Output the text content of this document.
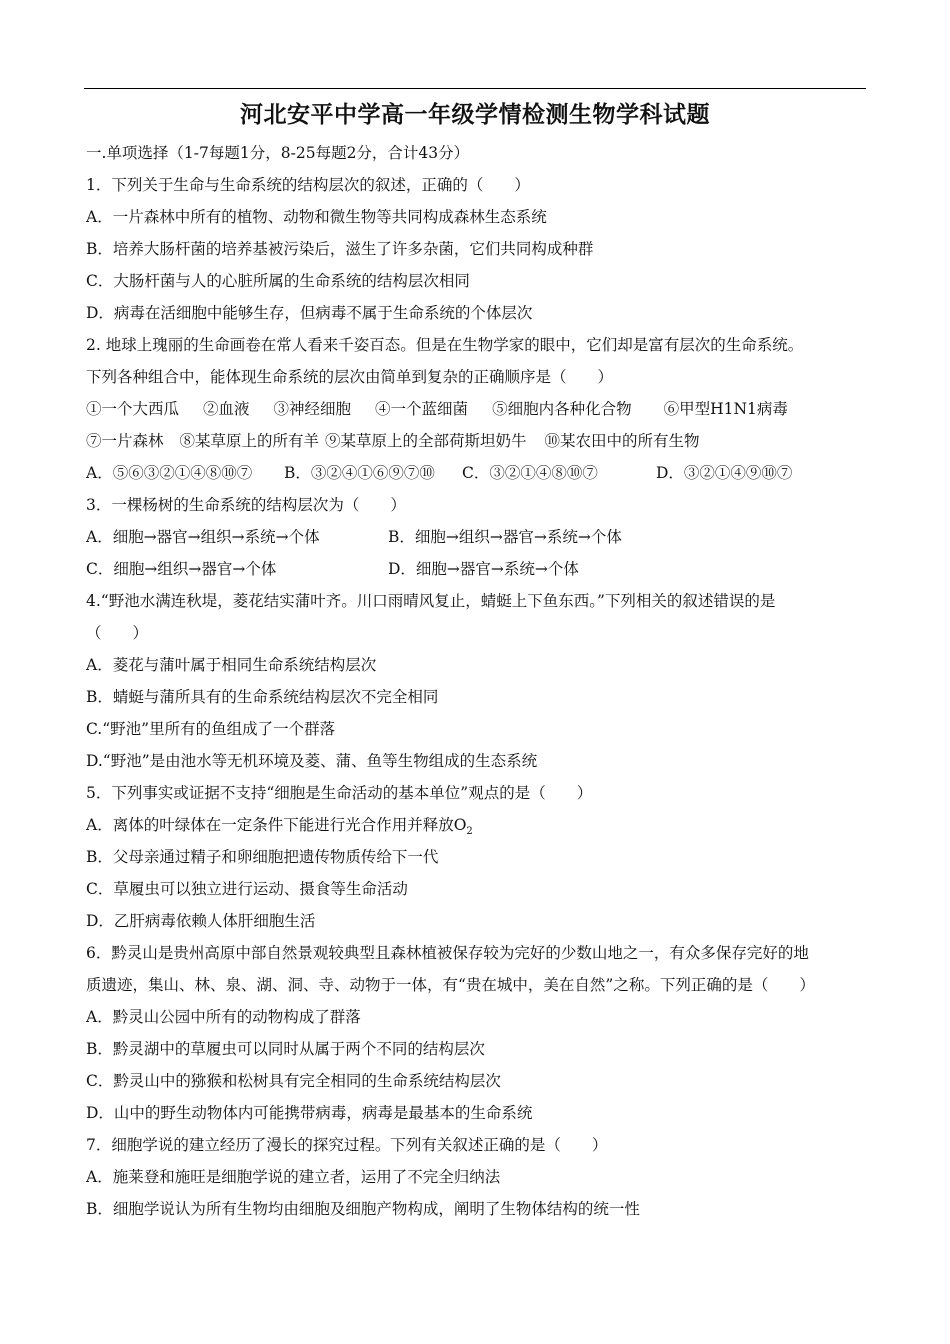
河北安平中学高一年级学情检测生物学科试题
一.单项选择（1-7每题1分，8-25每题2分，合计43分）
1．下列关于生命与生命系统的结构层次的叙述，正确的（　　）
A．一片森林中所有的植物、动物和微生物等共同构成森林生态系统
B．培养大肠杆菌的培养基被污染后，滋生了许多杂菌，它们共同构成种群
C．大肠杆菌与人的心脏所属的生命系统的结构层次相同
D．病毒在活细胞中能够生存，但病毒不属于生命系统的个体层次
2. 地球上瑰丽的生命画卷在常人看来千姿百态。但是在生物学家的眼中，它们却是富有层次的生命系统。
下列各种组合中，能体现生命系统的层次由简单到复杂的正确顺序是（　　）
①一个大西瓜 ②血液 ③神经细胞 ④一个蓝细菌 ⑤细胞内各种化合物 ⑥甲型H1N1病毒
⑦一片森林 ⑧某草原上的所有羊 ⑨某草原上的全部荷斯坦奶牛 ⑩某农田中的所有生物
A．⑤⑥③②①④⑧⑩⑦ B．③②④①⑥⑨⑦⑩ C．③②①④⑧⑩⑦	D．③②①④⑨⑩⑦
3．一棵杨树的生命系统的结构层次为（　　）
A．细胞→器官→组织→系统→个体	B．细胞→组织→器官→系统→个体
C．细胞→组织→器官→个体	D．细胞→器官→系统→个体
4.“野池水满连秋堤，菱花结实蒲叶齐。川口雨晴风复止，蜻蜓上下鱼东西。”下列相关的叙述错误的是
（　　）
A．菱花与蒲叶属于相同生命系统结构层次
B．蜻蜓与蒲所具有的生命系统结构层次不完全相同
C.“野池”里所有的鱼组成了一个群落
D.“野池”是由池水等无机环境及菱、蒲、鱼等生物组成的生态系统
5．下列事实或证据不支持“细胞是生命活动的基本单位”观点的是（　　）
A．离体的叶绿体在一定条件下能进行光合作用并释放$O_2$
B．父母亲通过精子和卵细胞把遗传物质传给下一代
C．草履虫可以独立进行运动、摄食等生命活动
D．乙肝病毒依赖人体肝细胞生活
6．黔灵山是贵州高原中部自然景观较典型且森林植被保存较为完好的少数山地之一，有众多保存完好的地
质遗迹，集山、林、泉、湖、洞、寺、动物于一体，有“贵在城中，美在自然”之称。下列正确的是（　　）
A．黔灵山公园中所有的动物构成了群落
B．黔灵湖中的草履虫可以同时从属于两个不同的结构层次
C．黔灵山中的猕猴和松树具有完全相同的生命系统结构层次
D．山中的野生动物体内可能携带病毒，病毒是最基本的生命系统
7．细胞学说的建立经历了漫长的探究过程。下列有关叙述正确的是（　　）
A．施莱登和施旺是细胞学说的建立者，运用了不完全归纳法
B．细胞学说认为所有生物均由细胞及细胞产物构成，阐明了生物体结构的统一性
